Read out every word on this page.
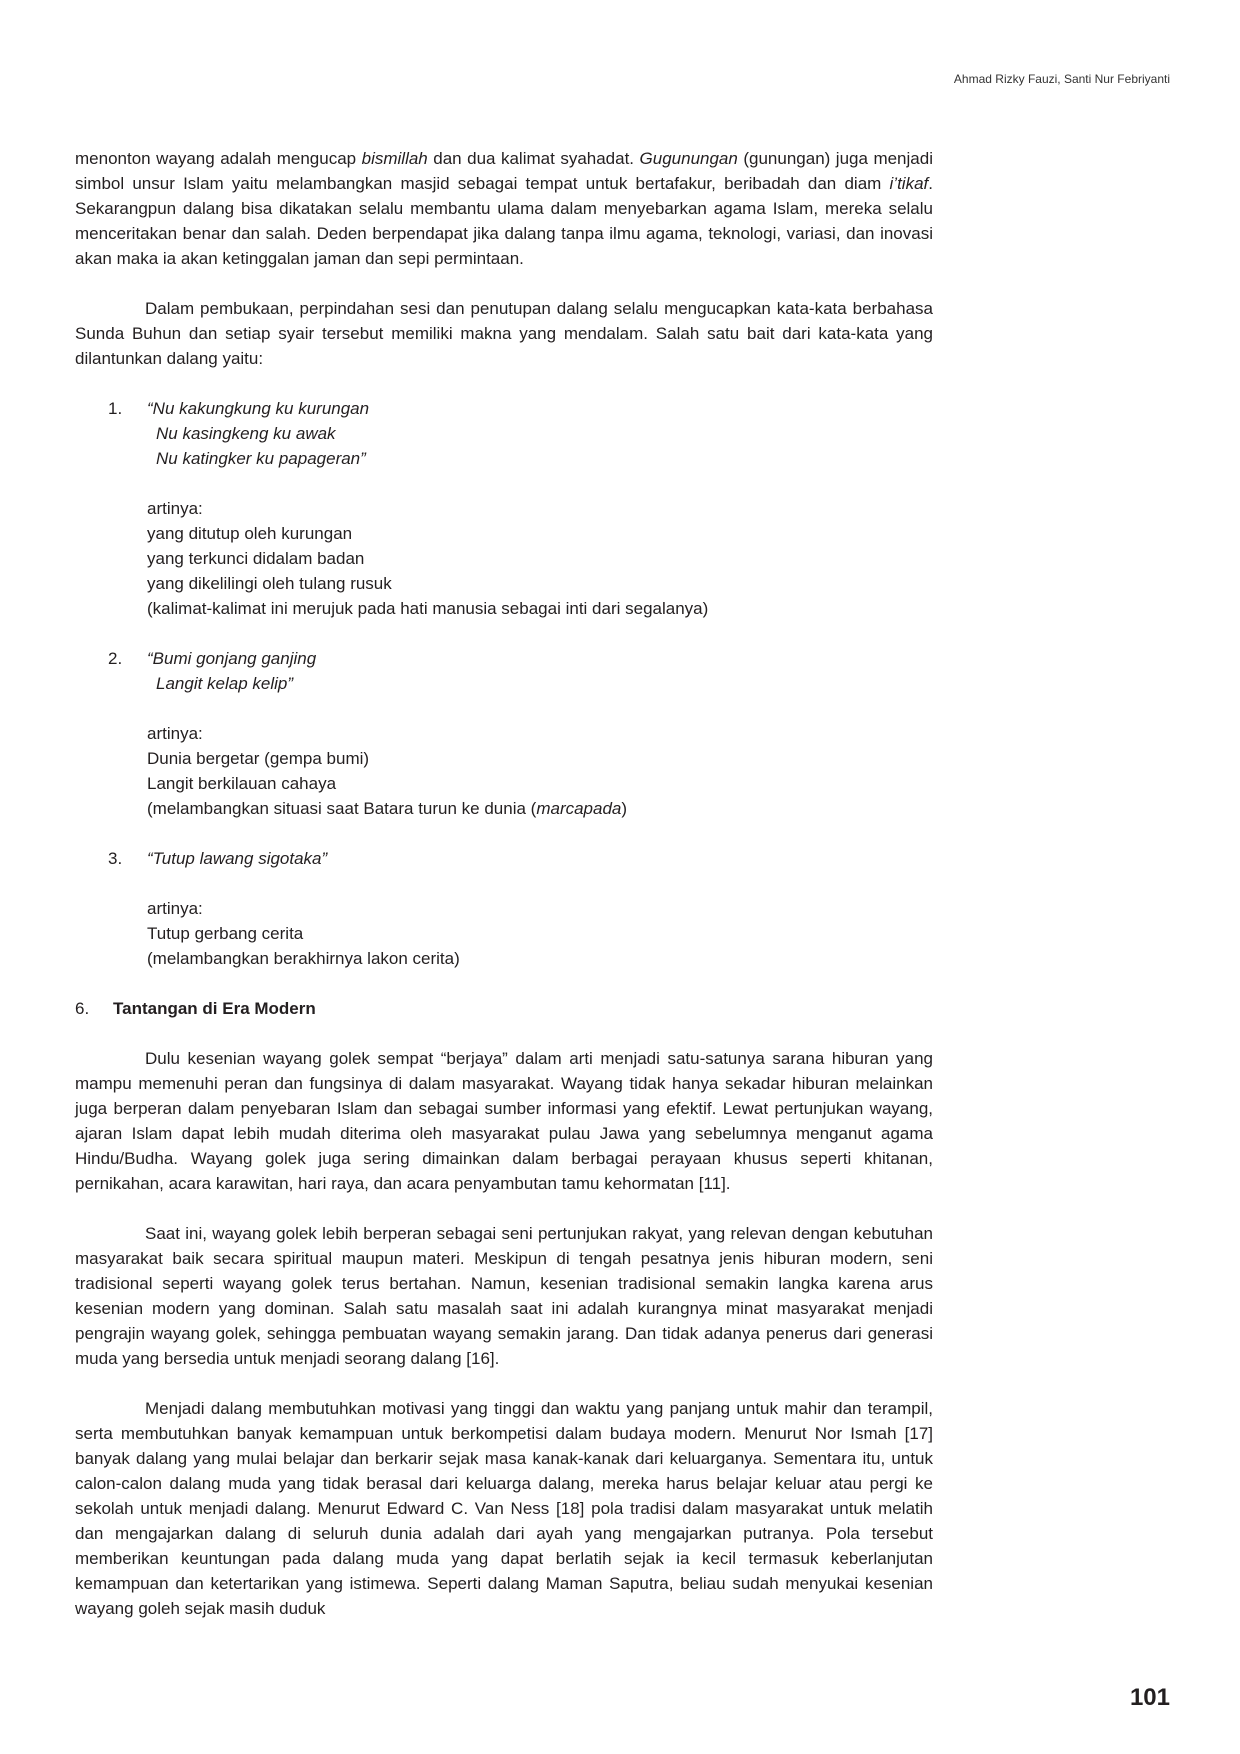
Ahmad Rizky Fauzi, Santi Nur Febriyanti

menonton wayang adalah mengucap bismillah dan dua kalimat syahadat. Gugunungan (gunungan) juga menjadi simbol unsur Islam yaitu melambangkan masjid sebagai tempat untuk bertafakur, beribadah dan diam i’tikaf. Sekarangpun dalang bisa dikatakan selalu membantu ulama dalam menyebarkan agama Islam, mereka selalu menceritakan benar dan salah. Deden berpendapat jika dalang tanpa ilmu agama, teknologi, variasi, dan inovasi akan maka ia akan ketinggalan jaman dan sepi permintaan.

Dalam pembukaan, perpindahan sesi dan penutupan dalang selalu mengucapkan kata-kata berbahasa Sunda Buhun dan setiap syair tersebut memiliki makna yang mendalam. Salah satu bait dari kata-kata yang dilantunkan dalang yaitu:

1. “Nu kakungkung ku kurungan
Nu kasingkeng ku awak
Nu katingker ku papageran”
artinya:
yang ditutup oleh kurungan
yang terkunci didalam badan
yang dikelilingi oleh tulang rusuk
(kalimat-kalimat ini merujuk pada hati manusia sebagai inti dari segalanya)
2. “Bumi gonjang ganjing
Langit kelap kelip”
artinya:
Dunia bergetar (gempa bumi)
Langit berkilauan cahaya
(melambangkan situasi saat Batara turun ke dunia (marcapada)
3. “Tutup lawang sigotaka”
artinya:
Tutup gerbang cerita
(melambangkan berakhirnya lakon cerita)
6. Tantangan di Era Modern

Dulu kesenian wayang golek sempat “berjaya” dalam arti menjadi satu-satunya sarana hiburan yang mampu memenuhi peran dan fungsinya di dalam masyarakat. Wayang tidak hanya sekadar hiburan melainkan juga berperan dalam penyebaran Islam dan sebagai sumber informasi yang efektif. Lewat pertunjukan wayang, ajaran Islam dapat lebih mudah diterima oleh masyarakat pulau Jawa yang sebelumnya menganut agama Hindu/Budha. Wayang golek juga sering dimainkan dalam berbagai perayaan khusus seperti khitanan, pernikahan, acara karawitan, hari raya, dan acara penyambutan tamu kehormatan [11].

Saat ini, wayang golek lebih berperan sebagai seni pertunjukan rakyat, yang relevan dengan kebutuhan masyarakat baik secara spiritual maupun materi. Meskipun di tengah pesatnya jenis hiburan modern, seni tradisional seperti wayang golek terus bertahan. Namun, kesenian tradisional semakin langka karena arus kesenian modern yang dominan. Salah satu masalah saat ini adalah kurangnya minat masyarakat menjadi pengrajin wayang golek, sehingga pembuatan wayang semakin jarang. Dan tidak adanya penerus dari generasi muda yang bersedia untuk menjadi seorang dalang [16].

Menjadi dalang membutuhkan motivasi yang tinggi dan waktu yang panjang untuk mahir dan terampil, serta membutuhkan banyak kemampuan untuk berkompetisi dalam budaya modern. Menurut Nor Ismah [17] banyak dalang yang mulai belajar dan berkarir sejak masa kanak-kanak dari keluarganya. Sementara itu, untuk calon-calon dalang muda yang tidak berasal dari keluarga dalang, mereka harus belajar keluar atau pergi ke sekolah untuk menjadi dalang. Menurut Edward C. Van Ness [18] pola tradisi dalam masyarakat untuk melatih dan mengajarkan dalang di seluruh dunia adalah dari ayah yang mengajarkan putranya. Pola tersebut memberikan keuntungan pada dalang muda yang dapat berlatih sejak ia kecil termasuk keberlanjutan kemampuan dan ketertarikan yang istimewa. Seperti dalang Maman Saputra, beliau sudah menyukai kesenian wayang goleh sejak masih duduk

101
